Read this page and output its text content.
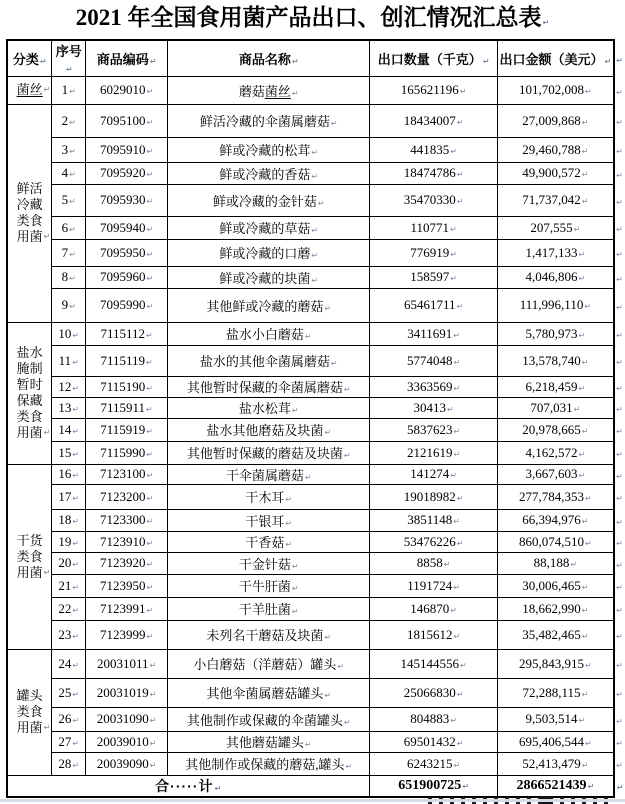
2021 年全国食用菌产品出口、创汇情况汇总表↵
分类↵	序号↵	商品编码↵	商品名称↵	出口数量（千克）↵	出口金额（美元）↵	↵
菌丝 ↵	1↵	6029010↵	蘑菇菌丝↵	165621196↵	101,702,008↵	↵
鲜活冷藏类食用菌 ↵	2↵	7095100↵	鲜活冷藏的伞菌属蘑菇↵	18434007↵	27,009,868↵	↵
	3↵	7095910↵	鲜或冷藏的松茸↵	441835↵	29,460,788↵	↵
	4↵	7095920↵	鲜或冷藏的香菇↵	18474786↵	49,900,572↵	↵
	5↵	7095930↵	鲜或冷藏的金针菇↵	35470330↵	71,737,042↵	↵
	6↵	7095940↵	鲜或冷藏的草菇↵	110771↵	207,555↵	↵
	7↵	7095950↵	鲜或冷藏的口蘑↵	776919↵	1,417,133↵	↵
	8↵	7095960↵	鲜或冷藏的块菌↵	158597↵	4,046,806↵	↵
	9↵	7095990↵	其他鲜或冷藏的蘑菇↵	65461711↵	111,996,110↵	↵
盐水腌制暂时保藏类食用菌 ↵	10↵	7115112↵	盐水小白蘑菇↵	3411691↵	5,780,973↵	↵
	11↵	7115119↵	盐水的其他伞菌属蘑菇↵	5774048↵	13,578,740↵	↵
	12↵	7115190↵	其他暂时保藏的伞菌属蘑菇↵	3363569↵	6,218,459↵	↵
	13↵	7115911↵	盐水松茸↵	30413↵	707,031↵	↵
	14↵	7115919↵	盐水其他磨菇及块菌↵	5837623↵	20,978,665↵	↵
	15↵	7115990↵	其他暂时保藏的蘑菇及块菌↵	2121619↵	4,162,572↵	↵
干货类食用菌 ↵	16↵	7123100↵	干伞菌属蘑菇↵	141274↵	3,667,603↵	↵
	17↵	7123200↵	干木耳↵	19018982↵	277,784,353↵	↵
	18↵	7123300↵	干银耳↵	3851148↵	66,394,976↵	↵
	19↵	7123910↵	干香菇↵	53476226↵	860,074,510↵	↵
	20↵	7123920↵	干金针菇↵	8858↵	88,188↵	↵
	21↵	7123950↵	干牛肝菌↵	1191724↵	30,006,465↵	↵
	22↵	7123991↵	干羊肚菌↵	146870↵	18,662,990↵	↵
	23↵	7123999↵	未列名干蘑菇及块菌↵	1815612↵	35,482,465↵	↵
罐头类食用菌 ↵	24↵	20031011↵	小白蘑菇（洋蘑菇）罐头↵	145144556↵	295,843,915↵	↵
	25↵	20031019↵	其他伞菌属蘑菇罐头↵	25066830↵	72,288,115↵	↵
	26↵	20031090↵	其他制作或保藏的伞菌罐头↵	804883↵	9,503,514↵	↵
	27↵	20039010↵	其他蘑菇罐头↵	69501432↵	695,406,544↵	↵
	28↵	20039090↵	其他制作或保藏的蘑菇,罐头↵	6243215↵	52,413,479↵	↵
合·····计↵				651900725↵	2866521439↵	↵
